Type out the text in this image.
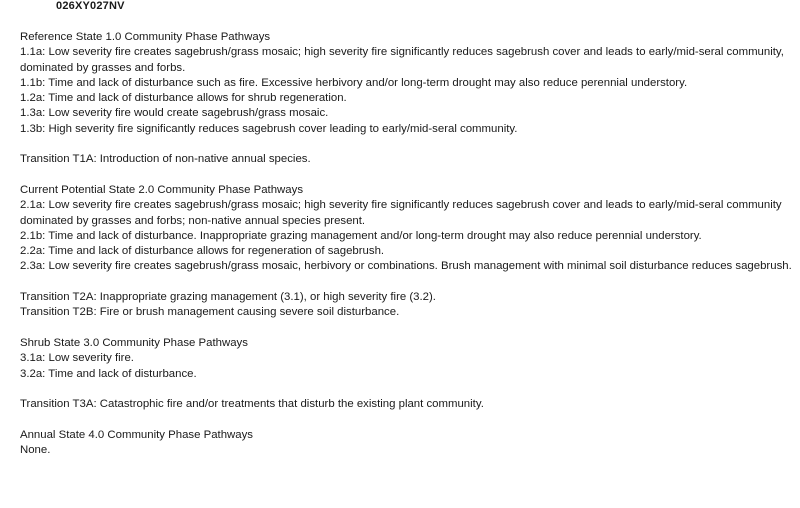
026XY027NV
Reference State 1.0 Community Phase Pathways
1.1a: Low severity fire creates sagebrush/grass mosaic; high severity fire significantly reduces sagebrush cover and leads to early/mid-seral community, dominated by grasses and forbs.
1.1b: Time and lack of disturbance such as fire. Excessive herbivory and/or long-term drought may also reduce perennial understory.
1.2a: Time and lack of disturbance allows for shrub regeneration.
1.3a: Low severity fire would create sagebrush/grass mosaic.
1.3b: High severity fire significantly reduces sagebrush cover leading to early/mid-seral community.
Transition T1A: Introduction of non-native annual species.
Current Potential State 2.0 Community Phase Pathways
2.1a: Low severity fire creates sagebrush/grass mosaic; high severity fire significantly reduces sagebrush cover and leads to early/mid-seral community dominated by grasses and forbs; non-native annual species present.
2.1b: Time and lack of disturbance. Inappropriate grazing management and/or long-term drought may also reduce perennial understory.
2.2a: Time and lack of disturbance allows for regeneration of sagebrush.
2.3a: Low severity fire creates sagebrush/grass mosaic, herbivory or combinations. Brush management with minimal soil disturbance reduces sagebrush.
Transition T2A: Inappropriate grazing management (3.1), or high severity fire (3.2).
Transition T2B: Fire or brush management causing severe soil disturbance.
Shrub State 3.0 Community Phase Pathways
3.1a: Low severity fire.
3.2a: Time and lack of disturbance.
Transition T3A: Catastrophic fire and/or treatments that disturb the existing plant community.
Annual State 4.0 Community Phase Pathways
None.
